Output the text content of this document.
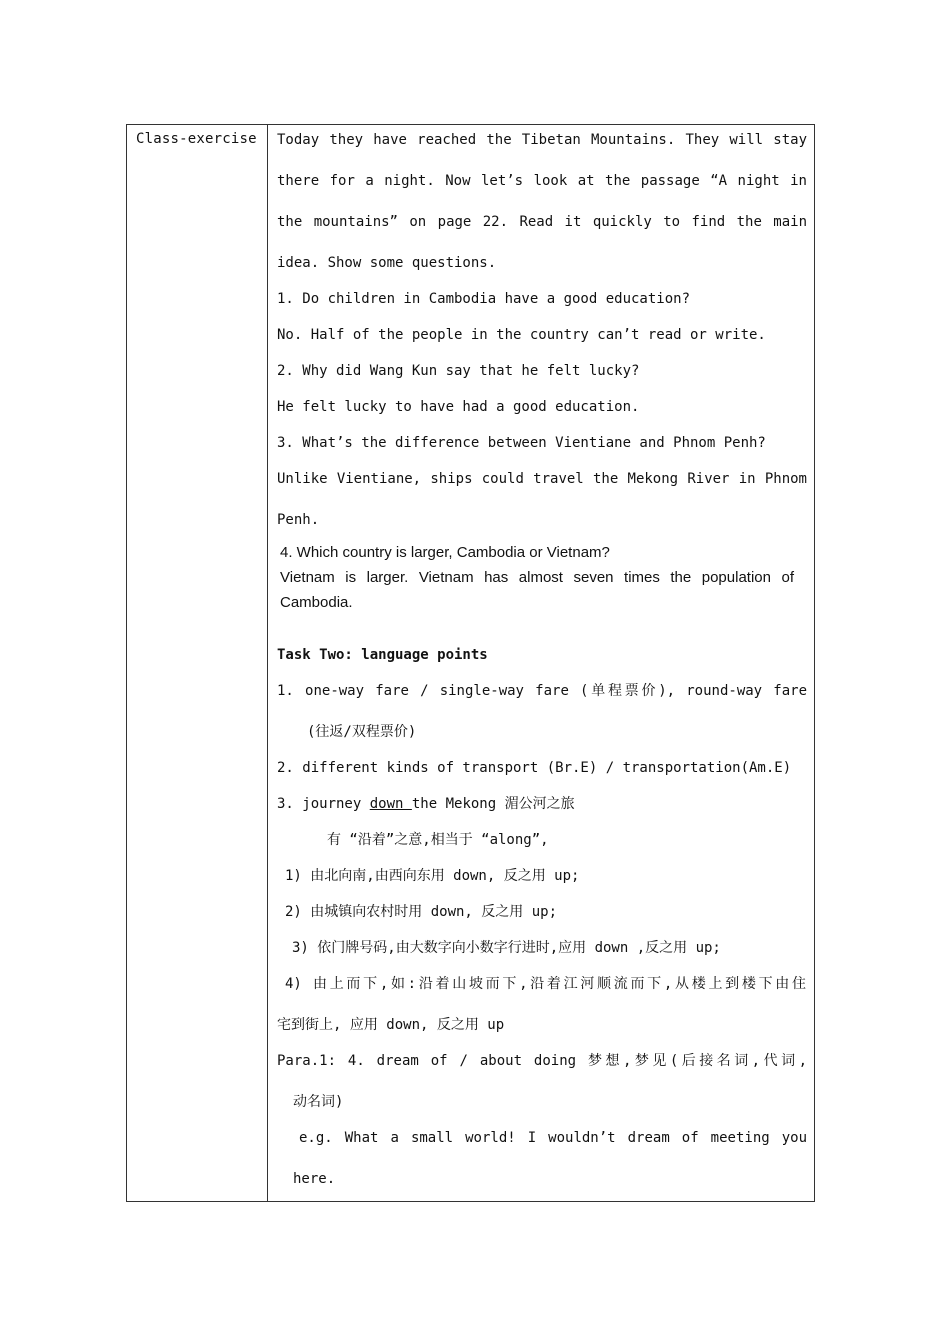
Class-exercise Today they have reached the Tibetan Mountains. They will stay
there for a night. Now let’s look at the passage “A night in
the mountains” on page 22. Read it quickly to find the main
idea. Show some questions.
1. Do children in Cambodia have a good education?
No. Half of the people in the country can’t read or write.
2. Why did Wang Kun say that he felt lucky?
He felt lucky to have had a good education.
3. What’s the difference between Vientiane and Phnom Penh?
Unlike Vientiane, ships could travel the Mekong River in Phnom
Penh.
4. Which country is larger, Cambodia or Vietnam?
Vietnam is larger. Vietnam has almost seven times the population of
Cambodia.
Task Two: language points
1. one-way fare / single-way fare (单程票价), round-way fare
(往返/双程票价)
2. different kinds of transport (Br.E) / transportation(Am.E)
3. journey down the Mekong 湄公河之旅
有 “沿着”之意,相当于 “along”,
1) 由北向南,由西向东用 down, 反之用 up;
2) 由城镇向农村时用 down, 反之用 up;
3) 依门牌号码,由大数字向小数字行进时,应用 down ,反之用 up;
4) 由上而下,如:沿着山坡而下,沿着江河顺流而下,从楼上到楼下由住
宅到街上, 应用 down, 反之用 up
Para.1: 4. dream of / about doing 梦想,梦见(后接名词,代词,
动名词)
e.g. What a small world! I wouldn’t dream of meeting you
here.
